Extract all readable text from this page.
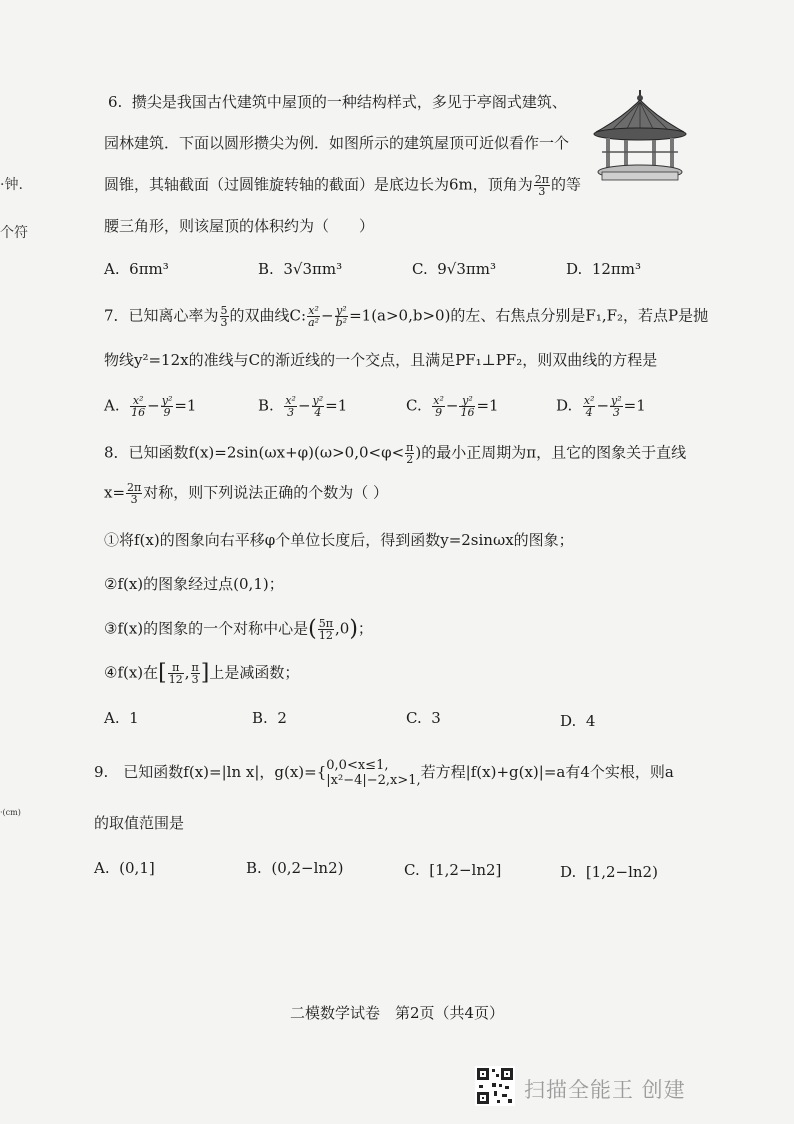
·钟.
个符
·(cm)
6. 攒尖是我国古代建筑中屋顶的一种结构样式，多见于亭阁式建筑、
园林建筑．下面以圆形攒尖为例．如图所示的建筑屋顶可近似看作一个
圆锥，其轴截面（过圆锥旋转轴的截面）是底边长为6m，顶角为 $\frac{2\pi}{3}$ 的等
腰三角形，则该屋顶的体积约为（　　）
A. 6πm³	B. 3√3πm³	C. 9√3πm³	D. 12πm³
7．已知离心率为 $\frac{5}{3}$ 的双曲线C: $\frac{\text{x²}}{\text{a²}} - \frac{\text{y²}}{\text{b²}} =1(a>0,b>0)$的左、右焦点分别是F₁,F₂，若点P是抛
物线y²=12x的准线与C的渐近线的一个交点，且满足PF₁⊥PF₂，则双曲线的方程是
A. $\frac{\text{x²}}{16} - \frac{\text{y²}}{9} =1$	B. $\frac{\text{x²}}{3} - \frac{\text{y²}}{4} =1$	C. $\frac{\text{x²}}{9} - \frac{\text{y²}}{16} =1$	D. $\frac{\text{x²}}{4} - \frac{\text{y²}}{3} =1$
8．已知函数$f(x)=2\sin(\omega x+\varphi)(\omega>0,0<\varphi< \frac{\pi}{2}$ )的最小正周期为π，且它的图象关于直线
$x= \frac{2\pi}{3}$ 对称，则下列说法正确的个数为（ ）
①将f(x)的图象向右平移φ个单位长度后，得到函数y=2sinωx的图象；
②f(x)的图象经过点(0,1)；
③f(x)的图象的一个对称中心是( $\frac{5\pi}{12} ,0$)；
④f(x)在[ $\frac{\pi}{12}$ , $\frac{\pi}{3}$ ]上是减函数；
A. 1	B. 2	C. 3	D. 4
9.　已知函数f(x)=|ln x|，g(x)={ 0,0<x≤1,
|x²−4|−2,x>1, 若方程|f(x)+g(x)|=a有4个实根，则a
的取值范围是
A. (0,1]	B. (0,2−ln2)	C. [1,2−ln2]	D. [1,2−ln2)
二模数学试卷　第2页（共4页）
扫描全能王 创建
